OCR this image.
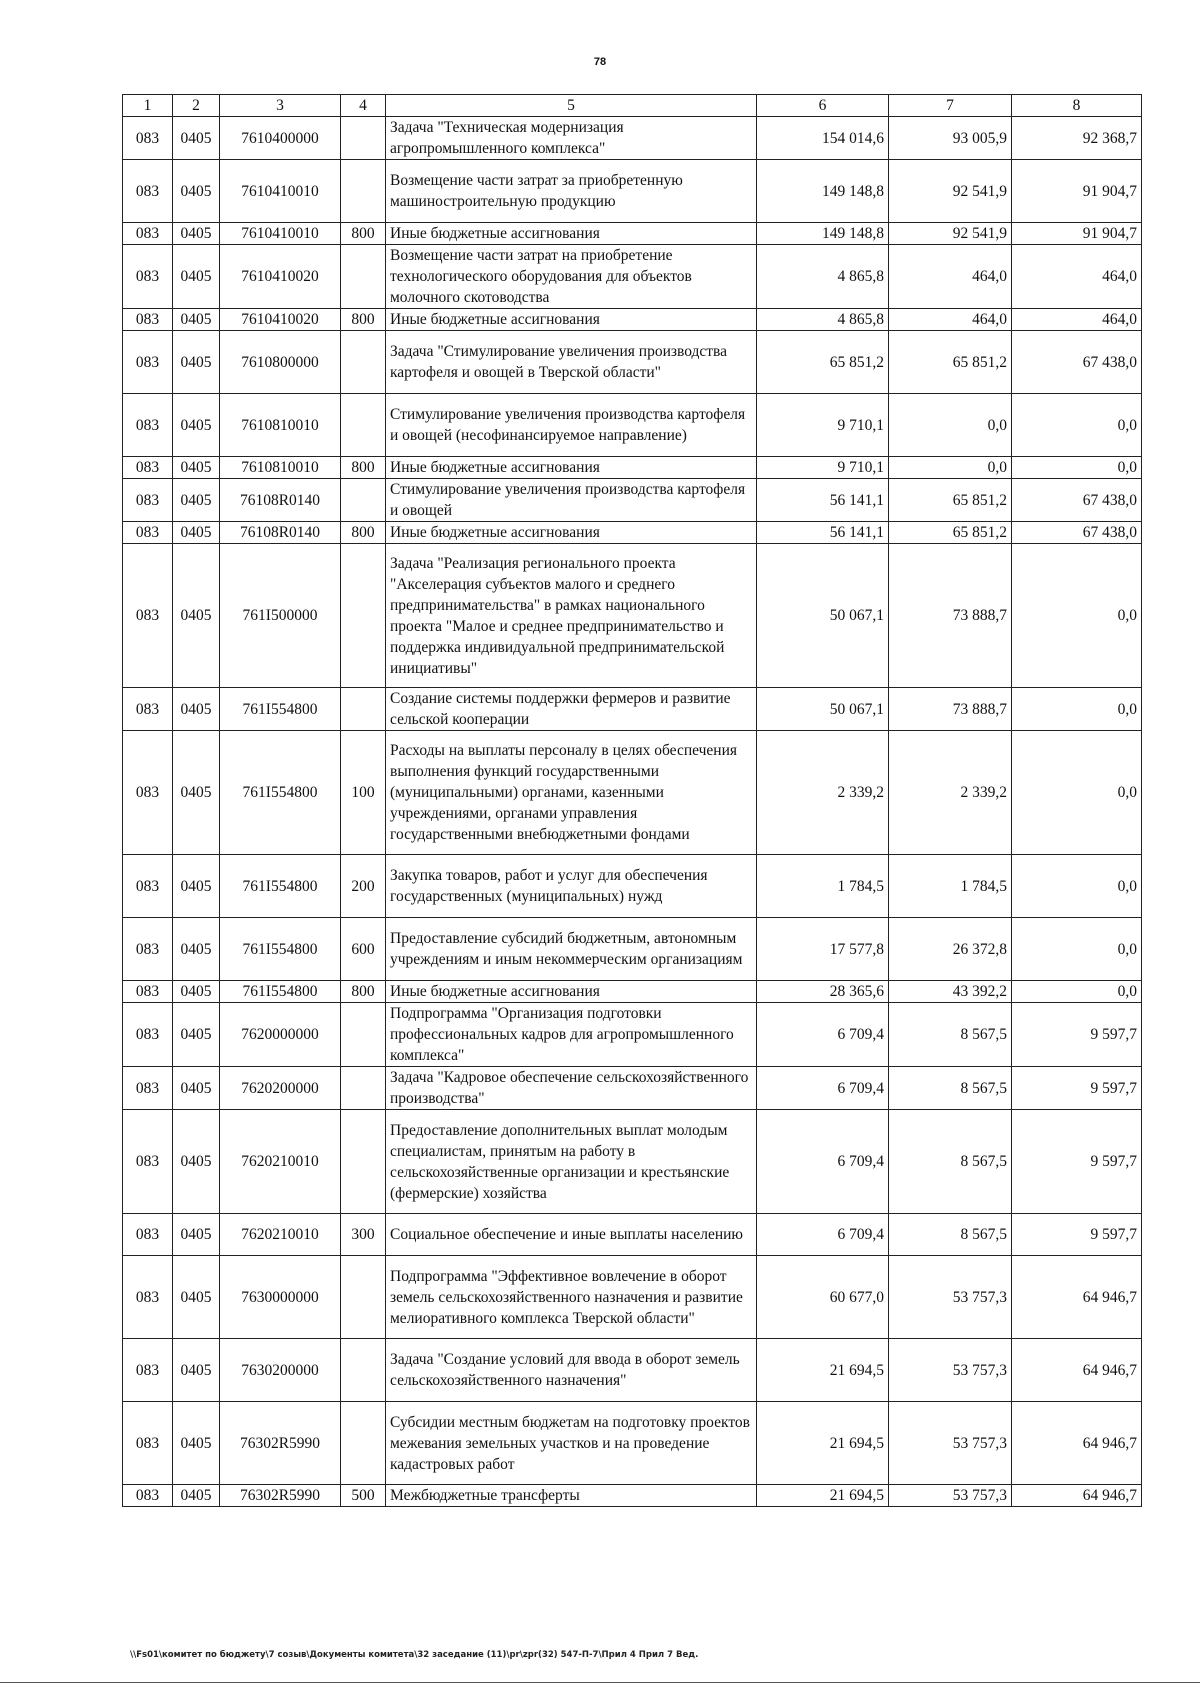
78
1	2	3	4	5	6	7	8
083	0405	7610400000		Задача "Техническая модернизация агропромышленного комплекса"	154 014,6	93 005,9	92 368,7
083	0405	7610410010		Возмещение части затрат за приобретенную машиностроительную продукцию	149 148,8	92 541,9	91 904,7
083	0405	7610410010	800	Иные бюджетные ассигнования	149 148,8	92 541,9	91 904,7
083	0405	7610410020		Возмещение части затрат на приобретение технологического оборудования для объектов молочного скотоводства	4 865,8	464,0	464,0
083	0405	7610410020	800	Иные бюджетные ассигнования	4 865,8	464,0	464,0
083	0405	7610800000		Задача "Стимулирование увеличения производства картофеля и овощей в Тверской области"	65 851,2	65 851,2	67 438,0
083	0405	7610810010		Стимулирование увеличения производства картофеля и овощей (несофинансируемое направление)	9 710,1	0,0	0,0
083	0405	7610810010	800	Иные бюджетные ассигнования	9 710,1	0,0	0,0
083	0405	76108R0140		Стимулирование увеличения производства картофеля и овощей	56 141,1	65 851,2	67 438,0
083	0405	76108R0140	800	Иные бюджетные ассигнования	56 141,1	65 851,2	67 438,0
083	0405	761I500000		Задача "Реализация регионального проекта "Акселерация субъектов малого и среднего предпринимательства" в рамках национального проекта "Малое и среднее предпринимательство и поддержка индивидуальной предпринимательской инициативы"	50 067,1	73 888,7	0,0
083	0405	761I554800		Создание системы поддержки фермеров и развитие сельской кооперации	50 067,1	73 888,7	0,0
083	0405	761I554800	100	Расходы на выплаты персоналу в целях обеспечения выполнения функций государственными (муниципальными) органами, казенными учреждениями, органами управления государственными внебюджетными фондами	2 339,2	2 339,2	0,0
083	0405	761I554800	200	Закупка товаров, работ и услуг для обеспечения государственных (муниципальных) нужд	1 784,5	1 784,5	0,0
083	0405	761I554800	600	Предоставление субсидий бюджетным, автономным учреждениям и иным некоммерческим организациям	17 577,8	26 372,8	0,0
083	0405	761I554800	800	Иные бюджетные ассигнования	28 365,6	43 392,2	0,0
083	0405	7620000000		Подпрограмма "Организация подготовки профессиональных кадров для агропромышленного комплекса"	6 709,4	8 567,5	9 597,7
083	0405	7620200000		Задача "Кадровое обеспечение сельскохозяйственного производства"	6 709,4	8 567,5	9 597,7
083	0405	7620210010		Предоставление дополнительных выплат молодым специалистам, принятым на работу в сельскохозяйственные организации и крестьянские (фермерские) хозяйства	6 709,4	8 567,5	9 597,7
083	0405	7620210010	300	Социальное обеспечение и иные выплаты населению	6 709,4	8 567,5	9 597,7
083	0405	7630000000		Подпрограмма "Эффективное вовлечение в оборот земель сельскохозяйственного назначения и развитие мелиоративного комплекса Тверской области"	60 677,0	53 757,3	64 946,7
083	0405	7630200000		Задача "Создание условий для ввода в оборот земель сельскохозяйственного назначения"	21 694,5	53 757,3	64 946,7
083	0405	76302R5990		Субсидии местным бюджетам на подготовку проектов межевания земельных участков и на проведение кадастровых работ	21 694,5	53 757,3	64 946,7
083	0405	76302R5990	500	Межбюджетные трансферты	21 694,5	53 757,3	64 946,7
\\Fs01\комитет по бюджету\7 созыв\Документы комитета\32 заседание (11)\pr\zpr(32) 547-П-7\Прил 4 Прил 7 Вед.
